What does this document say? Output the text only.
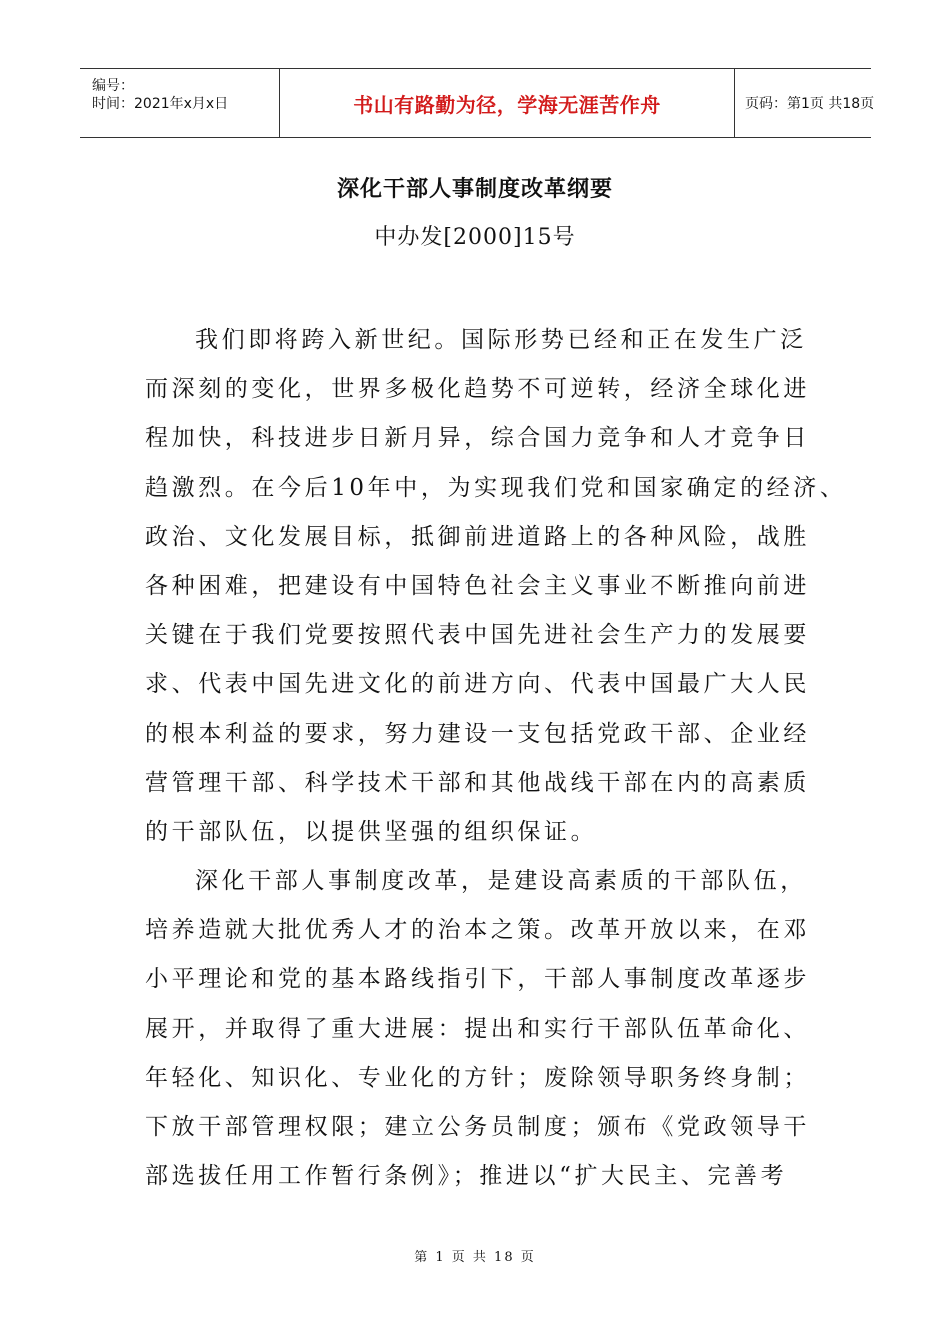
编号：
时间：2021年x月x日	书山有路勤为径，学海无涯苦作舟	页码：第1页 共18页
深化干部人事制度改革纲要
中办发[2000]15号
我们即将跨入新世纪。国际形势已经和正在发生广泛
而深刻的变化，世界多极化趋势不可逆转，经济全球化进
程加快，科技进步日新月异，综合国力竞争和人才竞争日
趋激烈。在今后10年中，为实现我们党和国家确定的经济、
政治、文化发展目标，抵御前进道路上的各种风险，战胜
各种困难，把建设有中国特色社会主义事业不断推向前进
关键在于我们党要按照代表中国先进社会生产力的发展要
求、代表中国先进文化的前进方向、代表中国最广大人民
的根本利益的要求，努力建设一支包括党政干部、企业经
营管理干部、科学技术干部和其他战线干部在内的高素质
的干部队伍，以提供坚强的组织保证。
深化干部人事制度改革，是建设高素质的干部队伍，
培养造就大批优秀人才的治本之策。改革开放以来，在邓
小平理论和党的基本路线指引下，干部人事制度改革逐步
展开，并取得了重大进展：提出和实行干部队伍革命化、
年轻化、知识化、专业化的方针；废除领导职务终身制；
下放干部管理权限；建立公务员制度；颁布《党政领导干
部选拔任用工作暂行条例》；推进以“扩大民主、完善考
第 1 页 共 18 页
